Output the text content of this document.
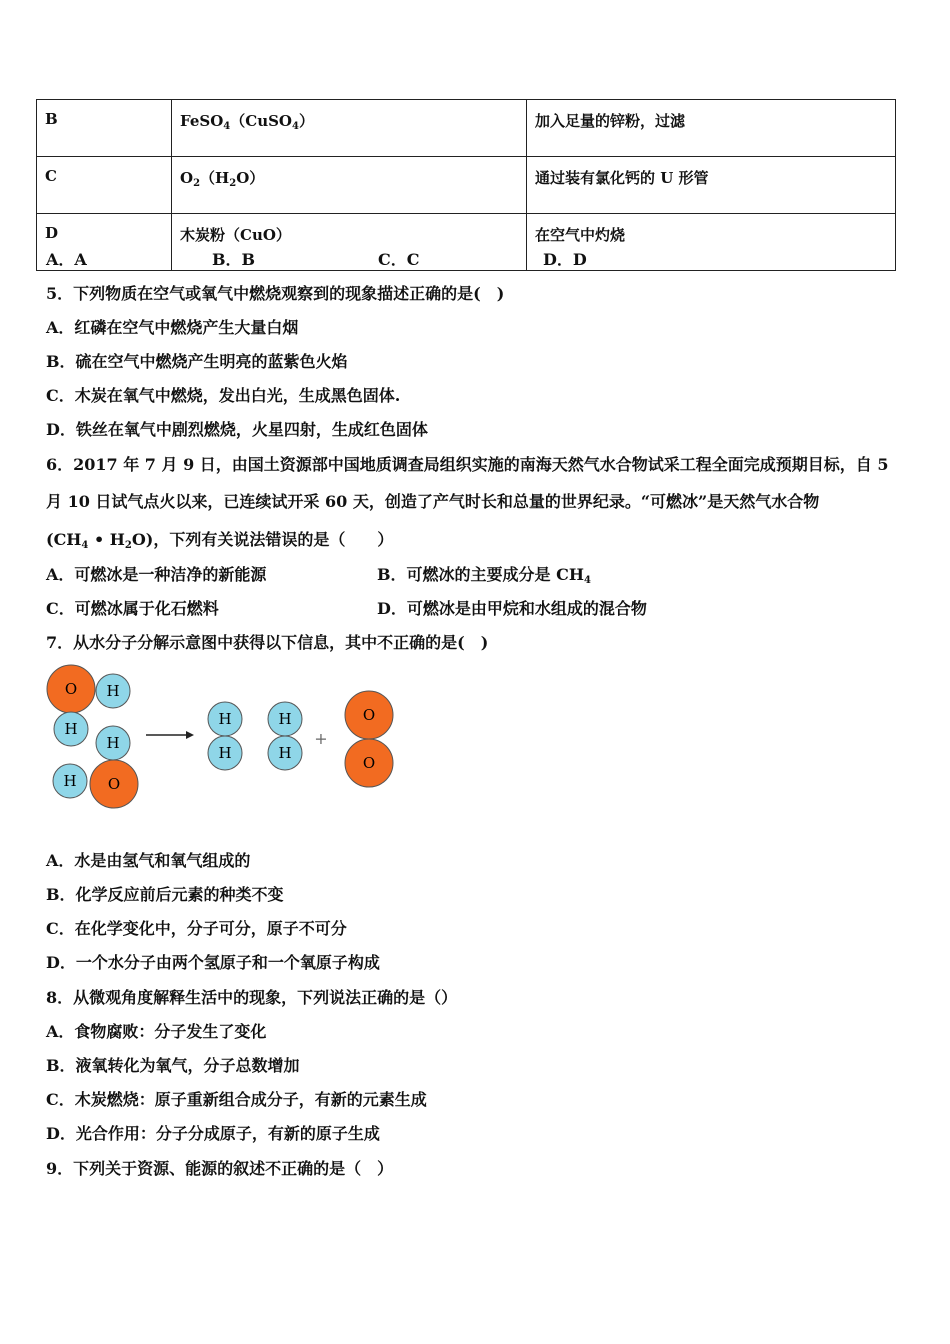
B	FeSO$_4$（CuSO$_4$）	加入足量的锌粉，过滤
C	$O_2(H_2O)$	通过装有氯化钙的 U 形管
D	木炭粉（CuO）	在空气中灼烧
A．A	B．B	C．C	D．D
5．下列物质在空气或氧气中燃烧观察到的现象描述正确的是(　)
A．红磷在空气中燃烧产生大量白烟
B．硫在空气中燃烧产生明亮的蓝紫色火焰
C．木炭在氧气中燃烧，发出白光，生成黑色固体.
D．铁丝在氧气中剧烈燃烧，火星四射，生成红色固体
6．2017 年 7 月 9 日，由国土资源部中国地质调查局组织实施的南海天然气水合物试采工程全面完成预期目标，自 5
月 10 日试气点火以来，已连续试开采 60 天，创造了产气时长和总量的世界纪录。“可燃冰”是天然气水合物
($CH_4$ • $H_2O$)，下列有关说法错误的是（　　）
A．可燃冰是一种洁净的新能源	B．可燃冰的主要成分是 $CH_4$
C．可燃冰属于化石燃料	D．可燃冰是由甲烷和水组成的混合物
7．从水分子分解示意图中获得以下信息，其中不正确的是(　)
O H
H
H
H O
H
H
H
H
+
O
O
A．水是由氢气和氧气组成的
B．化学反应前后元素的种类不变
C．在化学变化中，分子可分，原子不可分
D．一个水分子由两个氢原子和一个氧原子构成
8．从微观角度解释生活中的现象，下列说法正确的是（）
A．食物腐败：分子发生了变化
B．液氧转化为氧气，分子总数增加
C．木炭燃烧：原子重新组合成分子，有新的元素生成
D．光合作用：分子分成原子，有新的原子生成
9．下列关于资源、能源的叙述不正确的是（　）
